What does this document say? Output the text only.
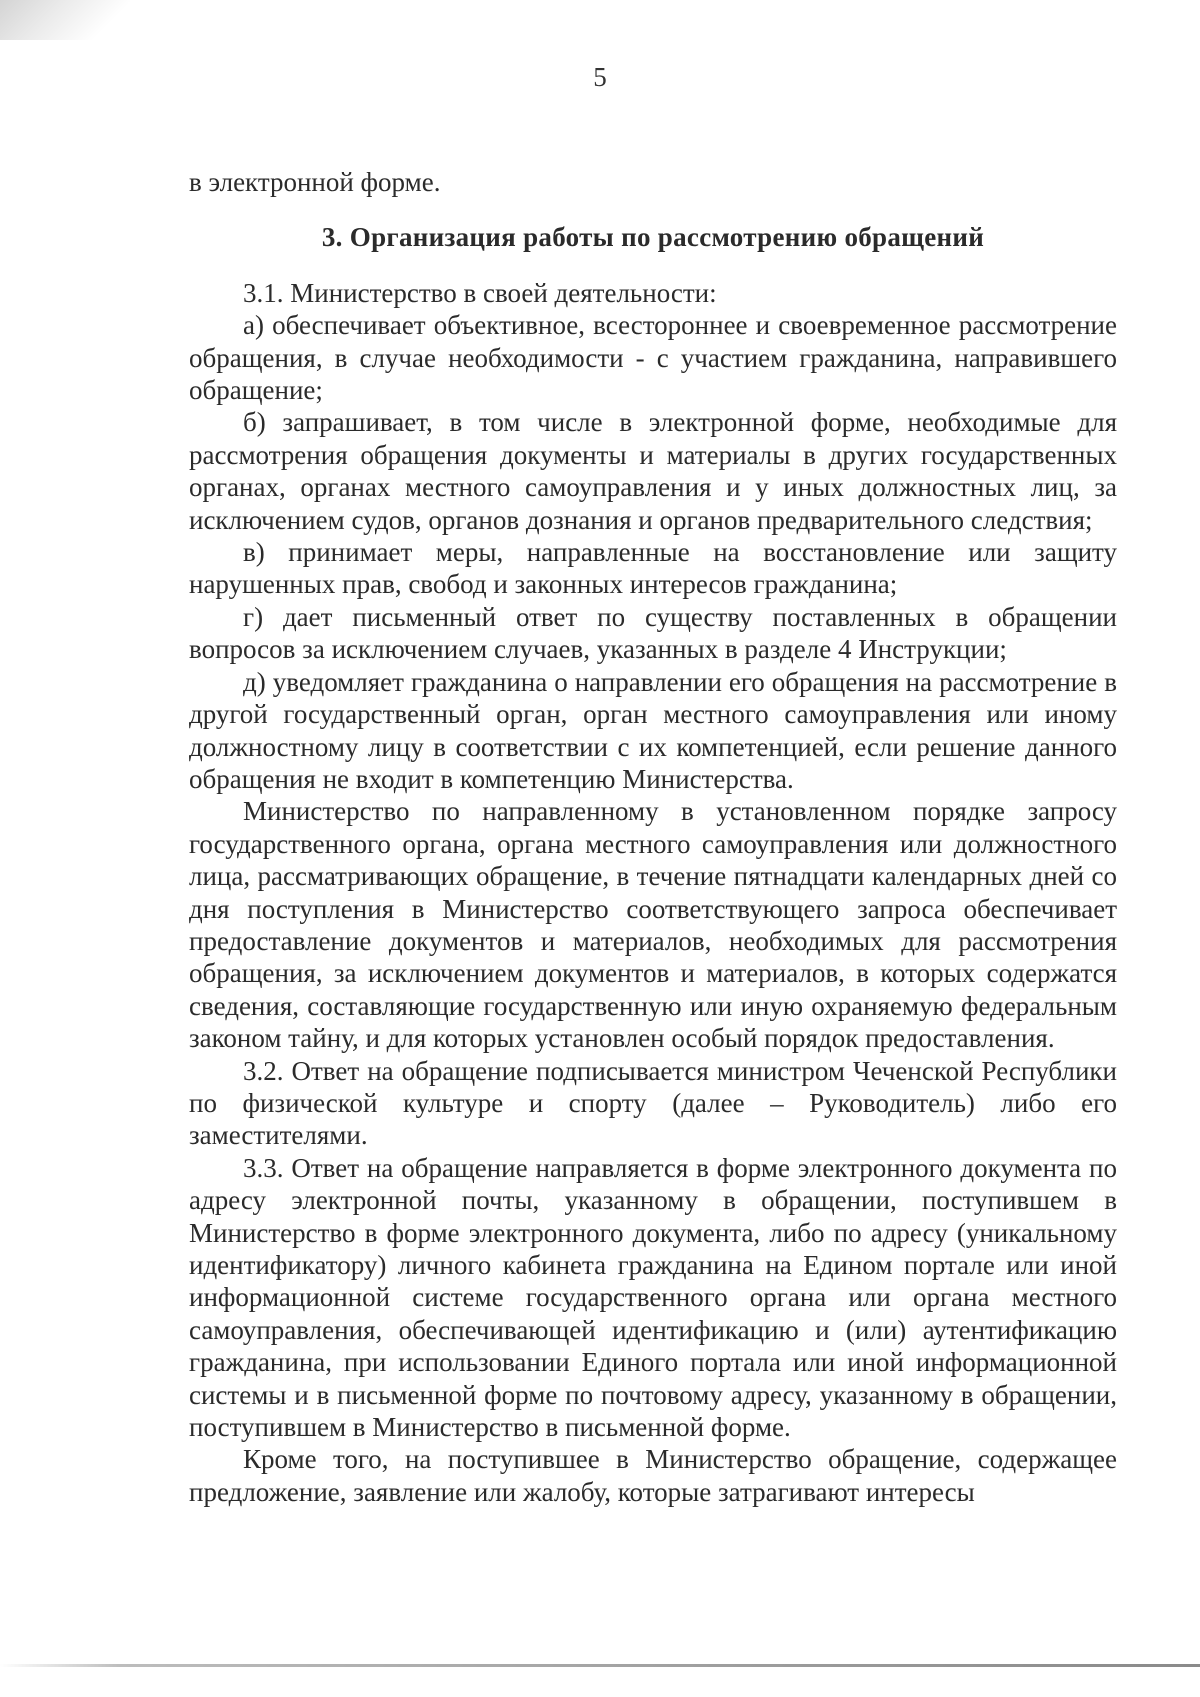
5

в электронной форме.

3. Организация работы по рассмотрению обращений

3.1. Министерство в своей деятельности:

а) обеспечивает объективное, всестороннее и своевременное рассмотрение обращения, в случае необходимости - с участием гражданина, направившего обращение;

б) запрашивает, в том числе в электронной форме, необходимые для рассмотрения обращения документы и материалы в других государственных органах, органах местного самоуправления и у иных должностных лиц, за исключением судов, органов дознания и органов предварительного следствия;

в) принимает меры, направленные на восстановление или защиту нарушенных прав, свобод и законных интересов гражданина;

г) дает письменный ответ по существу поставленных в обращении вопросов за исключением случаев, указанных в разделе 4 Инструкции;

д) уведомляет гражданина о направлении его обращения на рассмотрение в другой государственный орган, орган местного самоуправления или иному должностному лицу в соответствии с их компетенцией, если решение данного обращения не входит в компетенцию Министерства.

Министерство по направленному в установленном порядке запросу государственного органа, органа местного самоуправления или должностного лица, рассматривающих обращение, в течение пятнадцати календарных дней со дня поступления в Министерство соответствующего запроса обеспечивает предоставление документов и материалов, необходимых для рассмотрения обращения, за исключением документов и материалов, в которых содержатся сведения, составляющие государственную или иную охраняемую федеральным законом тайну, и для которых установлен особый порядок предоставления.

3.2. Ответ на обращение подписывается министром Чеченской Республики по физической культуре и спорту (далее – Руководитель) либо его заместителями.

3.3. Ответ на обращение направляется в форме электронного документа по адресу электронной почты, указанному в обращении, поступившем в Министерство в форме электронного документа, либо по адресу (уникальному идентификатору) личного кабинета гражданина на Едином портале или иной информационной системе государственного органа или органа местного самоуправления, обеспечивающей идентификацию и (или) аутентификацию гражданина, при использовании Единого портала или иной информационной системы и в письменной форме по почтовому адресу, указанному в обращении, поступившем в Министерство в письменной форме.

Кроме того, на поступившее в Министерство обращение, содержащее предложение, заявление или жалобу, которые затрагивают интересы
